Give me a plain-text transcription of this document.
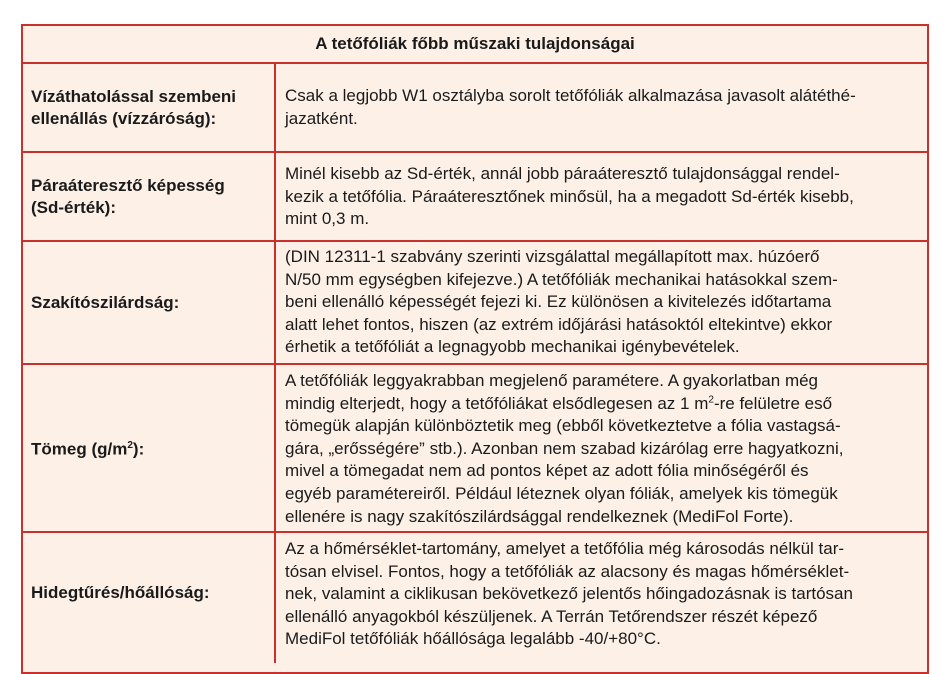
A tetőfóliák főbb műszaki tulajdonságai
Vízáthatolással szembeni
ellenállás (vízzáróság):
Csak a legjobb W1 osztályba sorolt tetőfóliák alkalmazása javasolt alátéthé-
jazatként.
Páraáteresztő képesség
(Sd-érték):
Minél kisebb az Sd-érték, annál jobb páraáteresztő tulajdonsággal rendel-
kezik a tetőfólia. Páraáteresztőnek minősül, ha a megadott Sd-érték kisebb,
mint 0,3 m.
Szakítószilárdság:
(DIN 12311-1 szabvány szerinti vizsgálattal megállapított max. húzóerő
N/50 mm egységben kifejezve.) A tetőfóliák mechanikai hatásokkal szem-
beni ellenálló képességét fejezi ki. Ez különösen a kivitelezés időtartama
alatt lehet fontos, hiszen (az extrém időjárási hatásoktól eltekintve) ekkor
érhetik a tetőfóliát a legnagyobb mechanikai igénybevételek.
Tömeg $(g/m^2)$:
A tetőfóliák leggyakrabban megjelenő paramétere. A gyakorlatban még
mindig elterjedt, hogy a tetőfóliákat elsődlegesen az 1 $m^2-re$ felületre eső
tömegük alapján különböztetik meg (ebből következtetve a fólia vastagsá-
gára, „erősségére” stb.). Azonban nem szabad kizárólag erre hagyatkozni,
mivel a tömegadat nem ad pontos képet az adott fólia minőségéről és
egyéb paramétereiről. Például léteznek olyan fóliák, amelyek kis tömegük
ellenére is nagy szakítószilárdsággal rendelkeznek (MediFol Forte).
Hidegtűrés/hőállóság:
Az a hőmérséklet-tartomány, amelyet a tetőfólia még károsodás nélkül tar-
tósan elvisel. Fontos, hogy a tetőfóliák az alacsony és magas hőmérséklet-
nek, valamint a ciklikusan bekövetkező jelentős hőingadozásnak is tartósan
ellenálló anyagokból készüljenek. A Terrán Tetőrendszer részét képező
MediFol tetőfóliák hőállósága legalább -40/+80°C.
